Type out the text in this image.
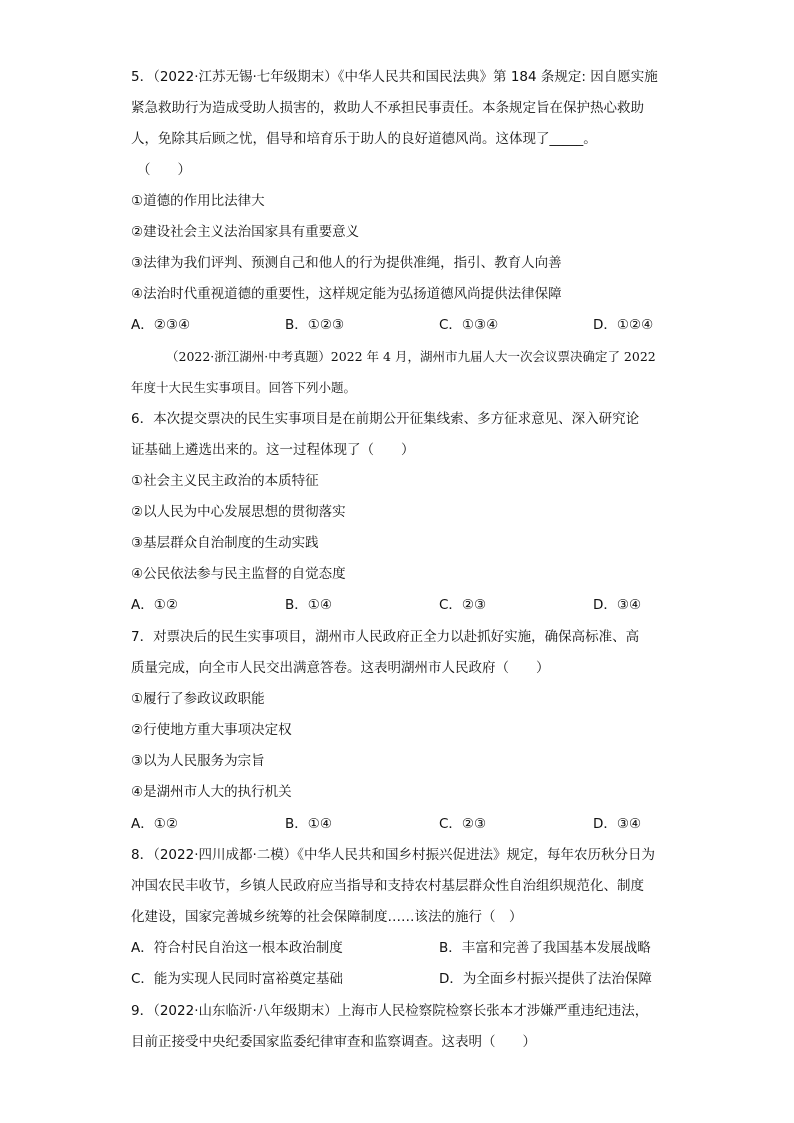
5．（2022·江苏无锡·七年级期末）《中华人民共和国民法典》第 184 条规定: 因自愿实施
紧急救助行为造成受助人损害的，救助人不承担民事责任。本条规定旨在保护热心救助
人，免除其后顾之忧，倡导和培育乐于助人的良好道德风尚。这体现了_____。
（　　）
①道德的作用比法律大
②建设社会主义法治国家具有重要意义
③法律为我们评判、预测自己和他人的行为提供准绳，指引、教育人向善
④法治时代重视道德的重要性，这样规定能为弘扬道德风尚提供法律保障
A．②③④	B．①②③	C．①③④	D．①②④
（2022·浙江湖州·中考真题）2022 年 4 月，湖州市九届人大一次会议票决确定了 2022
年度十大民生实事项目。回答下列小题。
6．本次提交票决的民生实事项目是在前期公开征集线索、多方征求意见、深入研究论
证基础上遴选出来的。这一过程体现了（　　）
①社会主义民主政治的本质特征
②以人民为中心发展思想的贯彻落实
③基层群众自治制度的生动实践
④公民依法参与民主监督的自觉态度
A．①②	B．①④	C．②③	D．③④
7．对票决后的民生实事项目，湖州市人民政府正全力以赴抓好实施，确保高标准、高
质量完成，向全市人民交出满意答卷。这表明湖州市人民政府（　　）
①履行了参政议政职能
②行使地方重大事项决定权
③以为人民服务为宗旨
④是湖州市人大的执行机关
A．①②	B．①④	C．②③	D．③④
8．（2022·四川成都·二模）《中华人民共和国乡村振兴促进法》规定，每年农历秋分日为
冲国农民丰收节，乡镇人民政府应当指导和支持农村基层群众性自治组织规范化、制度
化建设，国家完善城乡统筹的社会保障制度……该法的施行（　）
A．符合村民自治这一根本政治制度	B．丰富和完善了我国基本发展战略
C．能为实现人民同时富裕奠定基础	D．为全面乡村振兴提供了法治保障
9．（2022·山东临沂·八年级期末）上海市人民检察院检察长张本才涉嫌严重违纪违法，
目前正接受中央纪委国家监委纪律审查和监察调查。这表明（　　）
